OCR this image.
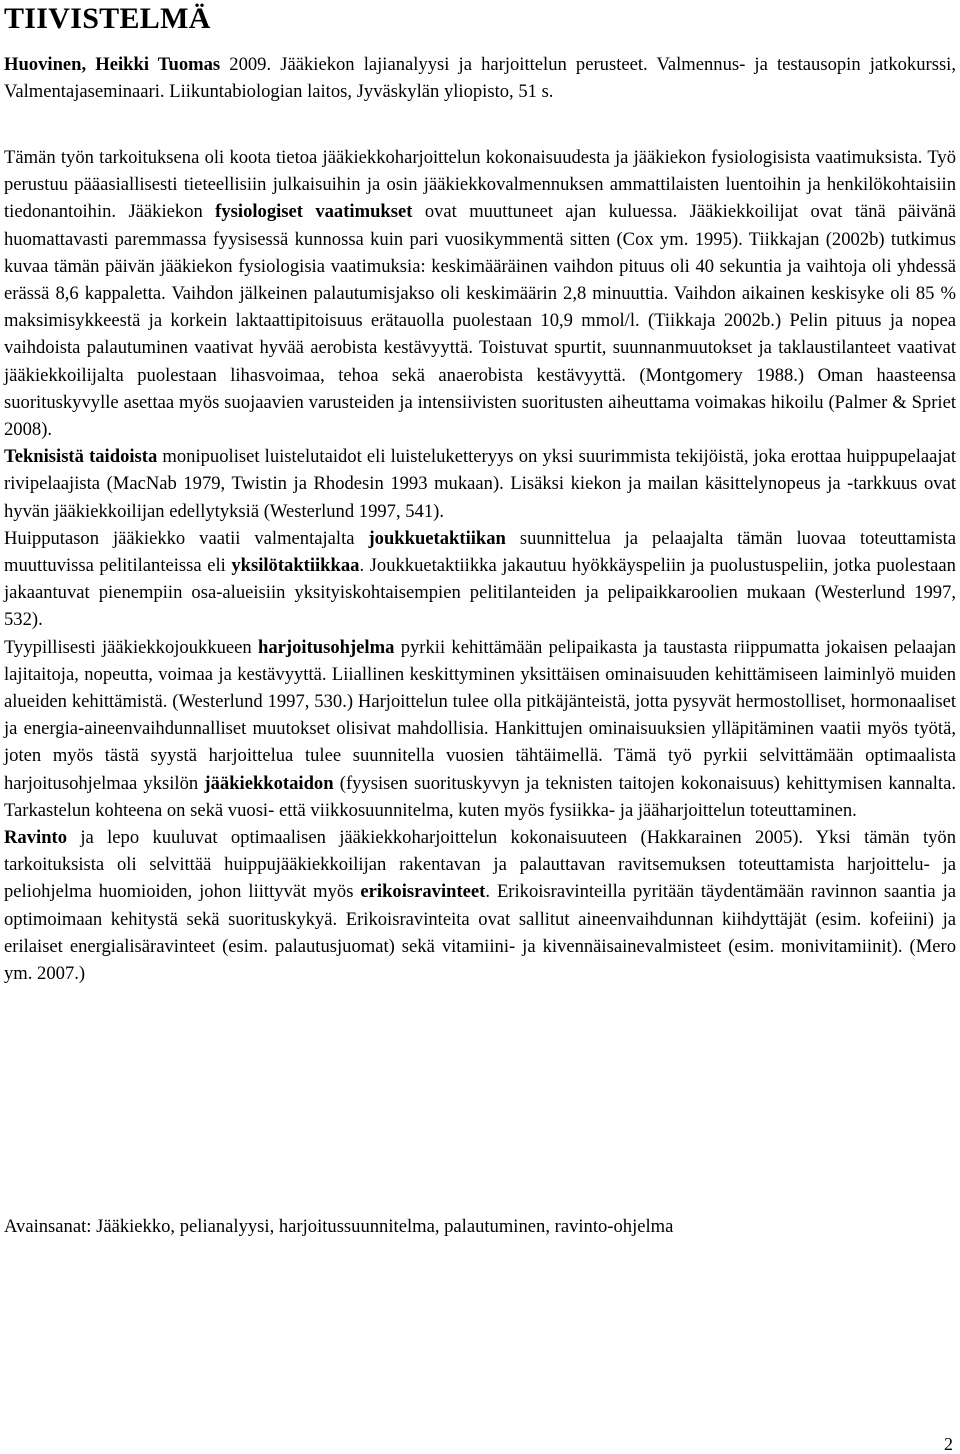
TIIVISTELMÄ
Huovinen, Heikki Tuomas 2009. Jääkiekon lajianalyysi ja harjoittelun perusteet. Valmennus- ja testausopin jatkokurssi, Valmentajaseminaari. Liikuntabiologian laitos, Jyväskylän yliopisto, 51 s.

Tämän työn tarkoituksena oli koota tietoa jääkiekkoharjoittelun kokonaisuudesta ja jääkiekon fysiologisista vaatimuksista. Työ perustuu pääasiallisesti tieteellisiin julkaisuihin ja osin jääkiekkovalmennuksen ammattilaisten luentoihin ja henkilökohtaisiin tiedonantoihin. Jääkiekon fysiologiset vaatimukset ovat muuttuneet ajan kuluessa. Jääkiekkoilijat ovat tänä päivänä huomattavasti paremmassa fyysisessä kunnossa kuin pari vuosikymmentä sitten (Cox ym. 1995). Tiikkajan (2002b) tutkimus kuvaa tämän päivän jääkiekon fysiologisia vaatimuksia: keskimääräinen vaihdon pituus oli 40 sekuntia ja vaihtoja oli yhdessä erässä 8,6 kappaletta. Vaihdon jälkeinen palautumisjakso oli keskimäärin 2,8 minuuttia. Vaihdon aikainen keskisyke oli 85 % maksimisykkeestä ja korkein laktaattipitoisuus erätauolla puolestaan 10,9 mmol/l. (Tiikkaja 2002b.) Pelin pituus ja nopea vaihdoista palautuminen vaativat hyvää aerobista kestävyyttä. Toistuvat spurtit, suunnanmuutokset ja taklaustilanteet vaativat jääkiekkoilijalta puolestaan lihasvoimaa, tehoa sekä anaerobista kestävyyttä. (Montgomery 1988.) Oman haasteensa suorituskyvylle asettaa myös suojaavien varusteiden ja intensiivisten suoritusten aiheuttama voimakas hikoilu (Palmer & Spriet 2008).

Teknisistä taidoista monipuoliset luistelutaidot eli luisteluketteryys on yksi suurimmista tekijöistä, joka erottaa huippupelaajat rivipelaajista (MacNab 1979, Twistin ja Rhodesin 1993 mukaan). Lisäksi kiekon ja mailan käsittelynopeus ja -tarkkuus ovat hyvän jääkiekkoilijan edellytyksiä (Westerlund 1997, 541).

Huipputason jääkiekko vaatii valmentajalta joukkuetaktiikan suunnittelua ja pelaajalta tämän luovaa toteuttamista muuttuvissa pelitilanteissa eli yksilötaktiikkaa. Joukkuetaktiikka jakautuu hyökkäyspeliin ja puolustuspeliin, jotka puolestaan jakaantuvat pienempiin osa-alueisiin yksityiskohtaisempien pelitilanteiden ja pelipaikkaroolien mukaan (Westerlund 1997, 532).

Tyypillisesti jääkiekkojoukkueen harjoitusohjelma pyrkii kehittämään pelipaikasta ja taustasta riippumatta jokaisen pelaajan lajitaitoja, nopeutta, voimaa ja kestävyyttä. Liiallinen keskittyminen yksittäisen ominaisuuden kehittämiseen laiminlyö muiden alueiden kehittämistä. (Westerlund 1997, 530.) Harjoittelun tulee olla pitkäjänteistä, jotta pysyvät hermostolliset, hormonaaliset ja energia-aineenvaihdunnalliset muutokset olisivat mahdollisia. Hankittujen ominaisuuksien ylläpitäminen vaatii myös työtä, joten myös tästä syystä harjoittelua tulee suunnitella vuosien tähtäimellä. Tämä työ pyrkii selvittämään optimaalista harjoitusohjelmaa yksilön jääkiekkotaidon (fyysisen suorituskyvyn ja teknisten taitojen kokonaisuus) kehittymisen kannalta. Tarkastelun kohteena on sekä vuosi- että viikkosuunnitelma, kuten myös fysiikka- ja jääharjoittelun toteuttaminen.

Ravinto ja lepo kuuluvat optimaalisen jääkiekkoharjoittelun kokonaisuuteen (Hakkarainen 2005). Yksi tämän työn tarkoituksista oli selvittää huippujääkiekkoilijan rakentavan ja palauttavan ravitsemuksen toteuttamista harjoittelu- ja peliohjelma huomioiden, johon liittyvät myös erikoisravinteet. Erikoisravinteilla pyritään täydentämään ravinnon saantia ja optimoimaan kehitystä sekä suorituskykyä. Erikoisravinteita ovat sallitut aineenvaihdunnan kiihdyttäjät (esim. kofeiini) ja erilaiset energialisäravinteet (esim. palautusjuomat) sekä vitamiini- ja kivennäisainevalmisteet (esim. monivitamiinit). (Mero ym. 2007.)

Avainsanat: Jääkiekko, pelianalyysi, harjoitussuunnitelma, palautuminen, ravinto-ohjelma
2
